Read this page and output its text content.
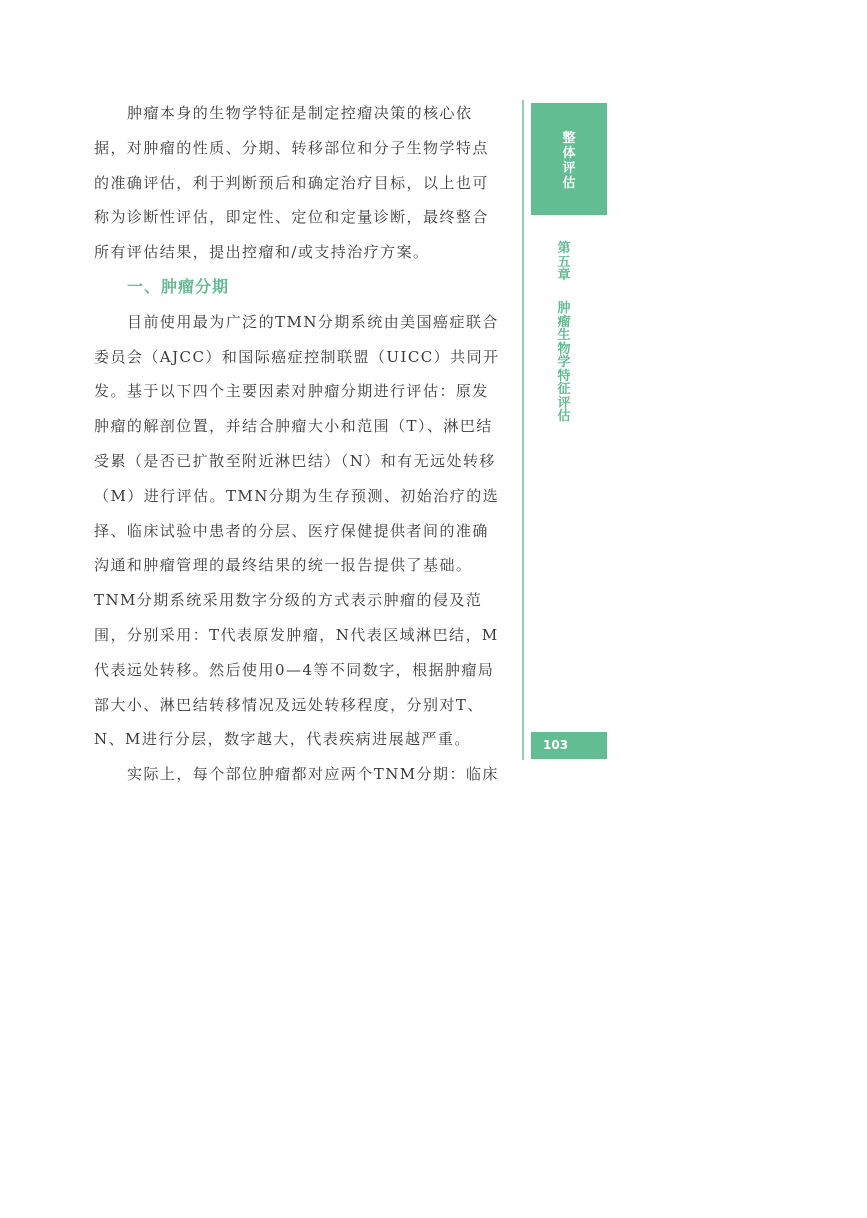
肿瘤本身的生物学特征是制定控瘤决策的核心依
据，对肿瘤的性质、分期、转移部位和分子生物学特点
的准确评估，利于判断预后和确定治疗目标，以上也可
称为诊断性评估，即定性、定位和定量诊断，最终整合
所有评估结果，提出控瘤和/或支持治疗方案。
一、肿瘤分期
目前使用最为广泛的TMN分期系统由美国癌症联合
委员会（AJCC）和国际癌症控制联盟（UICC）共同开
发。基于以下四个主要因素对肿瘤分期进行评估：原发
肿瘤的解剖位置，并结合肿瘤大小和范围（T）、淋巴结
受累（是否已扩散至附近淋巴结）（N）和有无远处转移
（M）进行评估。TMN分期为生存预测、初始治疗的选
择、临床试验中患者的分层、医疗保健提供者间的准确
沟通和肿瘤管理的最终结果的统一报告提供了基础。
TNM分期系统采用数字分级的方式表示肿瘤的侵及范
围，分别采用：T代表原发肿瘤，N代表区域淋巴结，M
代表远处转移。然后使用0—4等不同数字，根据肿瘤局
部大小、淋巴结转移情况及远处转移程度，分别对T、
N、M进行分层，数字越大，代表疾病进展越严重。
实际上，每个部位肿瘤都对应两个TNM分期：临床
整
体
评
估
第
五
章
肿
瘤
生
物
学
特
征
评
估
103
